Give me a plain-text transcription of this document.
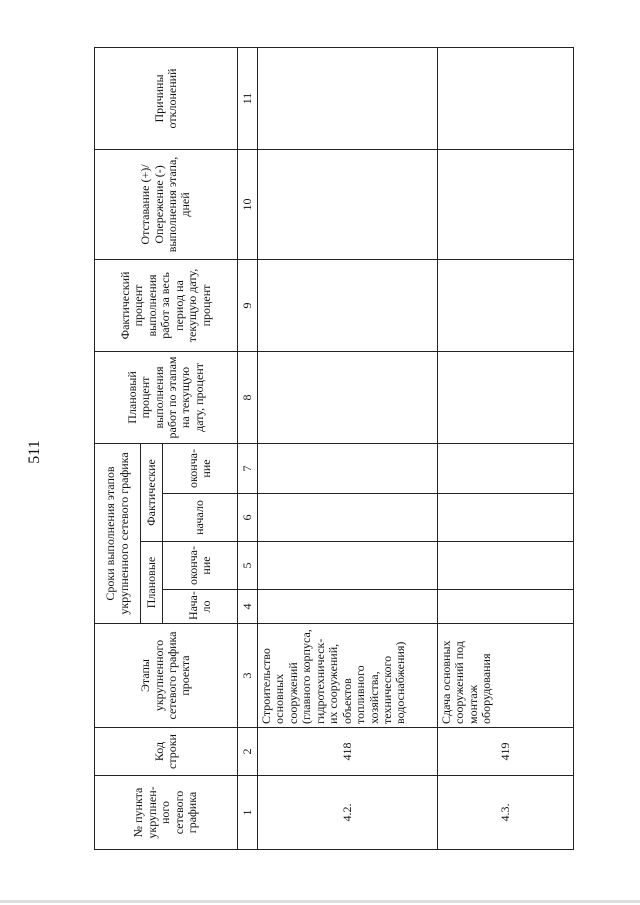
511
№ пункта укрупнен-ного сетевого графика	Код строки	Этапы укрупненного сетевого графика проекта	Сроки выполнения этапов укрупненного сетевого графика				Плановый процент выполнения работ по этапам на текущую дату, процент	Фактический процент выполнения работ за весь период на текущую дату, процент	Отставание (+)/Опережение (-) выполнения этапа, дней	Причины отклонений
			Плановые		Фактические					
			Нача-ло	оконча-ние	начало	оконча-ние				
1	2	3	4	5	6	7	8	9	10	11
4.2.	418	Строительство основных сооружений (главного корпуса, гидротехническ-их сооружений, объектов топливного хозяйства, технического водоснабжения)								
4.3.	419	Сдача основных сооружений под монтаж оборудования								
